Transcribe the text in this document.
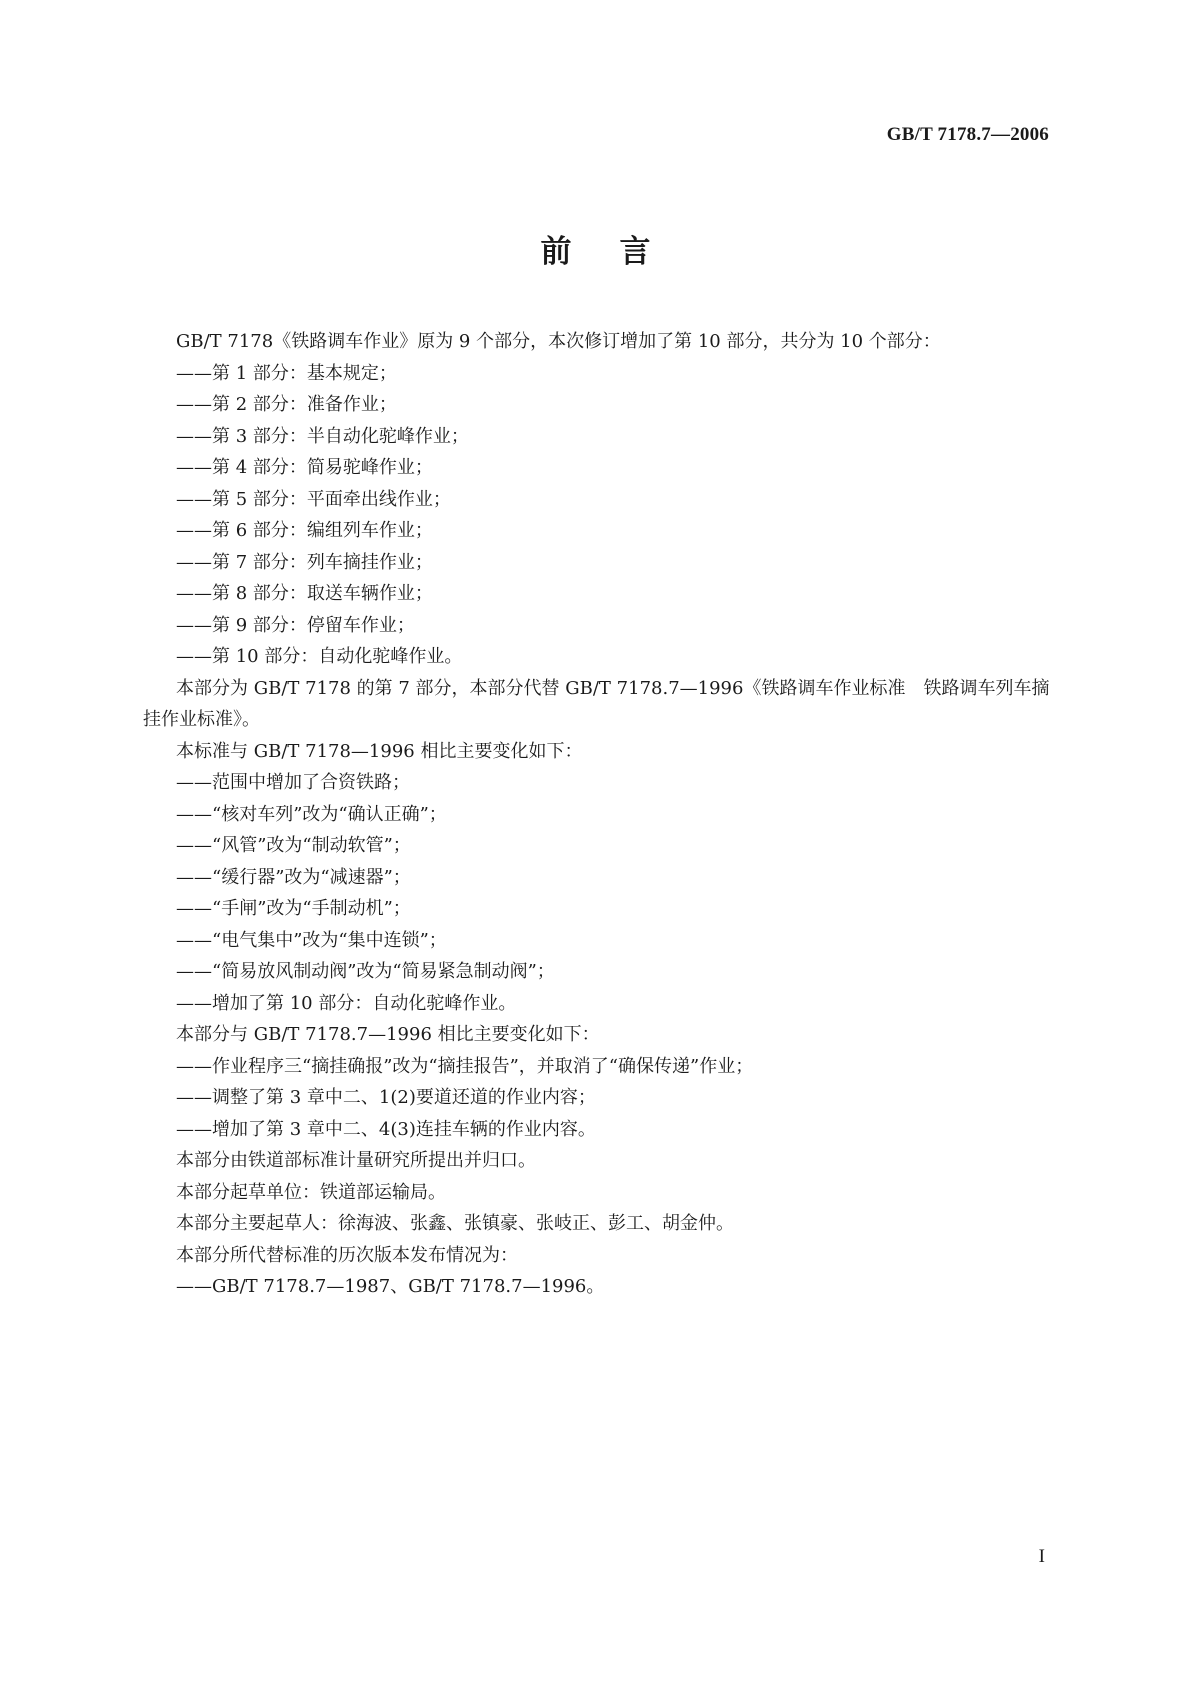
GB/T 7178.7—2006
前言
GB/T 7178《铁路调车作业》原为 9 个部分，本次修订增加了第 10 部分，共分为 10 个部分：
——第 1 部分：基本规定；
——第 2 部分：准备作业；
——第 3 部分：半自动化驼峰作业；
——第 4 部分：简易驼峰作业；
——第 5 部分：平面牵出线作业；
——第 6 部分：编组列车作业；
——第 7 部分：列车摘挂作业；
——第 8 部分：取送车辆作业；
——第 9 部分：停留车作业；
——第 10 部分：自动化驼峰作业。
本部分为 GB/T 7178 的第 7 部分，本部分代替 GB/T 7178.7—1996《铁路调车作业标准　铁路调车列车摘挂作业标准》。
本标准与 GB/T 7178—1996 相比主要变化如下：
——范围中增加了合资铁路；
——“核对车列”改为“确认正确”；
——“风管”改为“制动软管”；
——“缓行器”改为“减速器”；
——“手闸”改为“手制动机”；
——“电气集中”改为“集中连锁”；
——“简易放风制动阀”改为“简易紧急制动阀”；
——增加了第 10 部分：自动化驼峰作业。
本部分与 GB/T 7178.7—1996 相比主要变化如下：
——作业程序三“摘挂确报”改为“摘挂报告”，并取消了“确保传递”作业；
——调整了第 3 章中二、1(2)要道还道的作业内容；
——增加了第 3 章中二、4(3)连挂车辆的作业内容。
本部分由铁道部标准计量研究所提出并归口。
本部分起草单位：铁道部运输局。
本部分主要起草人：徐海波、张鑫、张镇豪、张岐正、彭工、胡金仲。
本部分所代替标准的历次版本发布情况为：
——GB/T 7178.7—1987、GB/T 7178.7—1996。
I
